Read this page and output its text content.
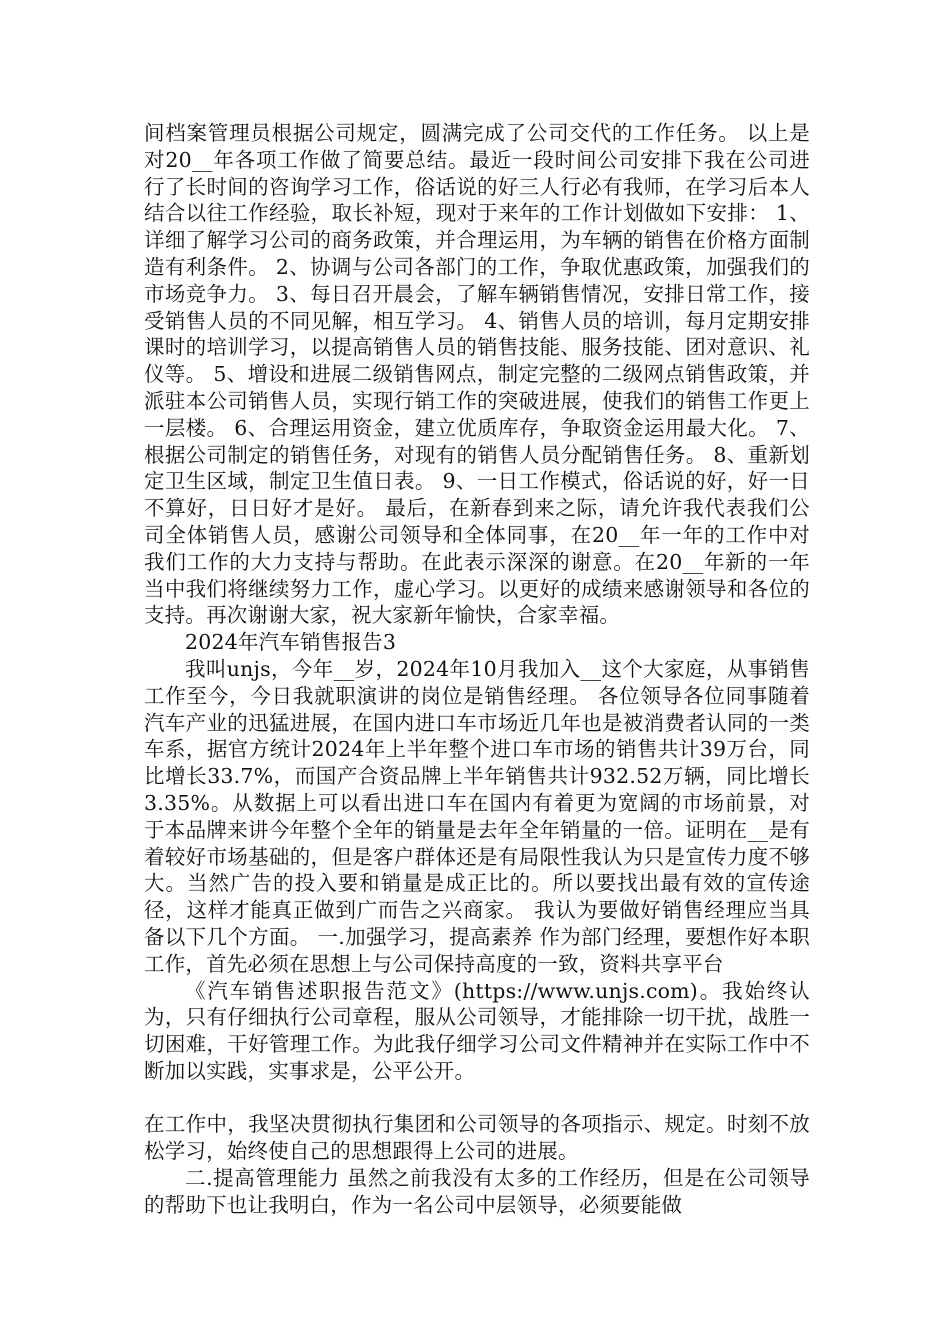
间档案管理员根据公司规定，圆满完成了公司交代的工作任务。 以上是对20__年各项工作做了简要总结。最近一段时间公司安排下我在公司进行了长时间的咨询学习工作，俗话说的好三人行必有我师，在学习后本人结合以往工作经验，取长补短，现对于来年的工作计划做如下安排： 1、详细了解学习公司的商务政策，并合理运用，为车辆的销售在价格方面制造有利条件。 2、协调与公司各部门的工作，争取优惠政策，加强我们的市场竞争力。 3、每日召开晨会，了解车辆销售情况，安排日常工作，接受销售人员的不同见解，相互学习。 4、销售人员的培训，每月定期安排课时的培训学习，以提高销售人员的销售技能、服务技能、团对意识、礼仪等。 5、增设和进展二级销售网点，制定完整的二级网点销售政策，并派驻本公司销售人员，实现行销工作的突破进展，使我们的销售工作更上一层楼。 6、合理运用资金，建立优质库存，争取资金运用最大化。 7、根据公司制定的销售任务，对现有的销售人员分配销售任务。 8、重新划定卫生区域，制定卫生值日表。 9、一日工作模式，俗话说的好，好一日不算好，日日好才是好。 最后，在新春到来之际，请允许我代表我们公司全体销售人员，感谢公司领导和全体同事，在20__年一年的工作中对我们工作的大力支持与帮助。在此表示深深的谢意。在20__年新的一年当中我们将继续努力工作，虚心学习。以更好的成绩来感谢领导和各位的支持。再次谢谢大家，祝大家新年愉快，合家幸福。

2024年汽车销售报告3

我叫unjs，今年__岁，2024年10月我加入__这个大家庭，从事销售工作至今，今日我就职演讲的岗位是销售经理。 各位领导各位同事随着汽车产业的迅猛进展，在国内进口车市场近几年也是被消费者认同的一类车系，据官方统计2024年上半年整个进口车市场的销售共计39万台，同比增长33.7%，而国产合资品牌上半年销售共计932.52万辆，同比增长3.35%。从数据上可以看出进口车在国内有着更为宽阔的市场前景，对于本品牌来讲今年整个全年的销量是去年全年销量的一倍。证明在__是有着较好市场基础的，但是客户群体还是有局限性我认为只是宣传力度不够大。当然广告的投入要和销量是成正比的。所以要找出最有效的宣传途径，这样才能真正做到广而告之兴商家。 我认为要做好销售经理应当具备以下几个方面。 一.加强学习，提高素养 作为部门经理，要想作好本职工作，首先必须在思想上与公司保持高度的一致，资料共享平台

《汽车销售述职报告范文》(https://www.unjs.com)。我始终认为，只有仔细执行公司章程，服从公司领导，才能排除一切干扰，战胜一切困难，干好管理工作。为此我仔细学习公司文件精神并在实际工作中不断加以实践，实事求是，公平公开。

在工作中，我坚决贯彻执行集团和公司领导的各项指示、规定。时刻不放松学习，始终使自己的思想跟得上公司的进展。

二.提高管理能力 虽然之前我没有太多的工作经历，但是在公司领导的帮助下也让我明白，作为一名公司中层领导，必须要能做
